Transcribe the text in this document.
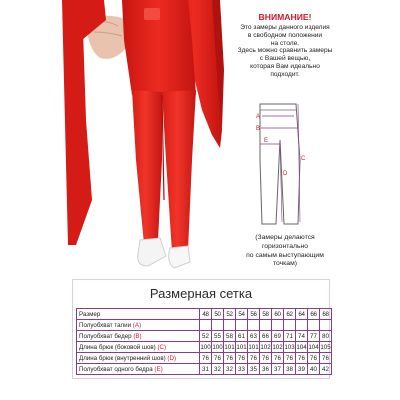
ВНИМАНИЕ!
Это замеры данного изделия
в свободном положении
на столе.
Здесь можно сравнить замеры
с Вашей вещью,
которая Вам идеально
подходит.
A
B
C
D
E
(Замеры делаются
горизонтально
по самым выступающим
точкам)
Размерная сетка
Размер	48	50	52	54	56	58	60	62	64	66	68
Полуобхват талии (A)											
Полуобхват бедер (B)	52	55	58	61	63	66	69	71	74	77	80
Длина брюк (боковой шов) (C)	100	100	101	101	101	102	102	103	104	104	105
Длина брюк (внутренний шов) (D)	76	76	76	76	76	76	76	76	76	76	76
Полуобхват одного бедра (E)	31	32	32	33	35	36	37	38	39	40	42
